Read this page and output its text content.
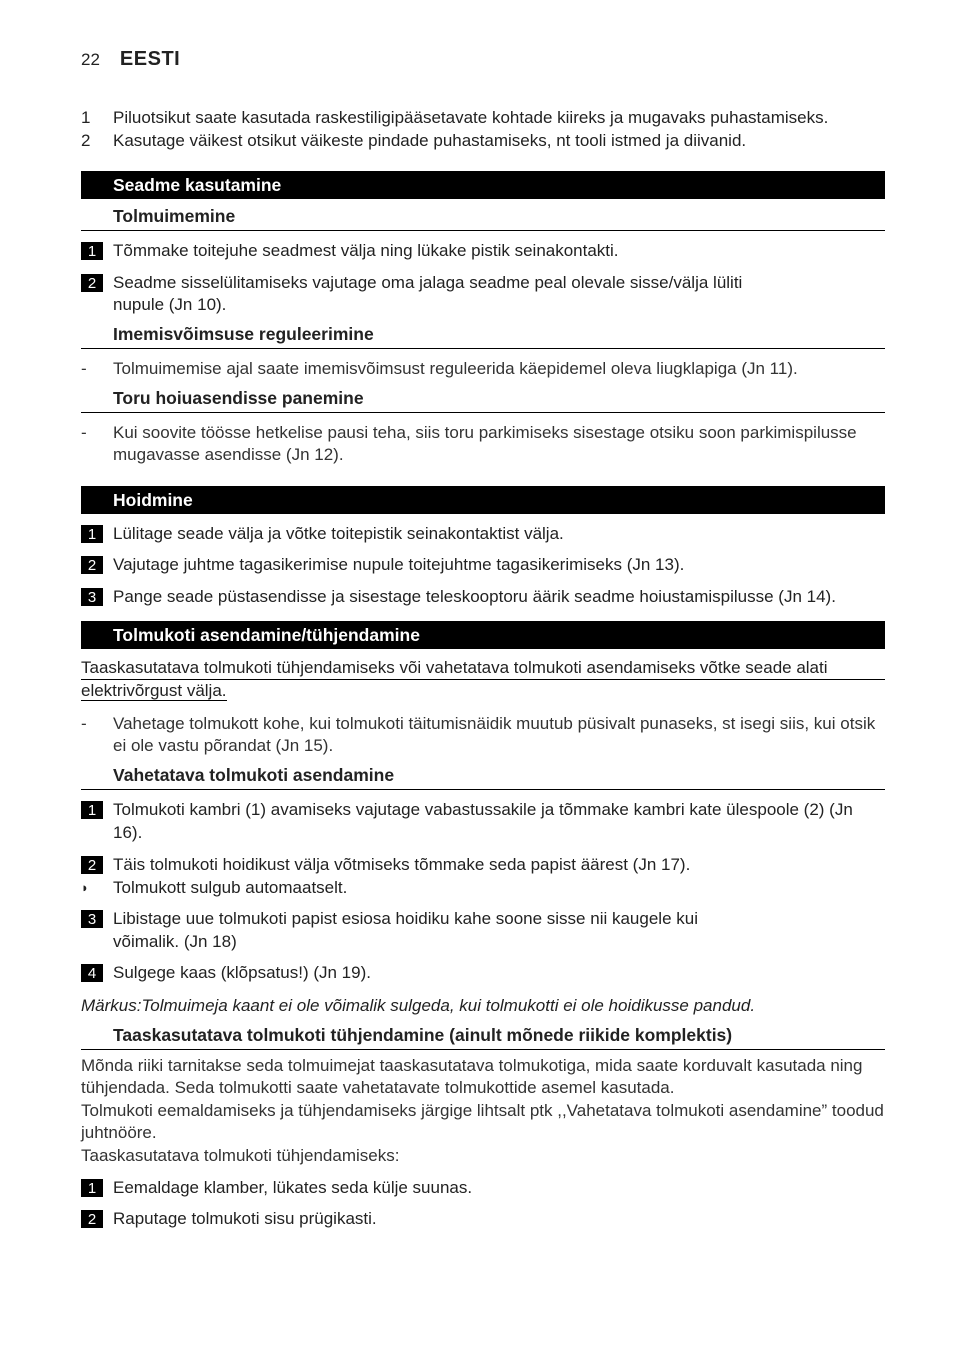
22 EESTI
1	Piluotsikut saate kasutada raskestiligipääsetavate kohtade kiireks ja mugavaks puhastamiseks.
2	Kasutage väikest otsikut väikeste pindade puhastamiseks, nt tooli istmed ja diivanid.
Seadme kasutamine
Tolmuimemine
1 Tõmmake toitejuhe seadmest välja ning lükake pistik seinakontakti.
2 Seadme sisselülitamiseks vajutage oma jalaga seadme peal olevale sisse/välja lüliti nupule (Jn 10).
Imemisvõimsuse reguleerimine
-	Tolmuimemise ajal saate imemisvõimsust reguleerida käepidemel oleva liugklapiga (Jn 11).
Toru hoiuasendisse panemine
-	Kui soovite töösse hetkelise pausi teha, siis toru parkimiseks sisestage otsiku soon parkimispilusse mugavasse asendisse (Jn 12).
Hoidmine
1 Lülitage seade välja ja võtke toitepistik seinakontaktist välja.
2 Vajutage juhtme tagasikerimise nupule toitejuhtme tagasikerimiseks (Jn 13).
3 Pange seade püstasendisse ja sisestage teleskooptoru äärik seadme hoiustamispilusse (Jn 14).
Tolmukoti asendamine/tühjendamine
Taaskasutatava tolmukoti tühjendamiseks või vahetatava tolmukoti asendamiseks võtke seade alati
elektrivõrgust välja.
-	Vahetage tolmukott kohe, kui tolmukoti täitumisnäidik muutub püsivalt punaseks, st isegi siis, kui otsik ei ole vastu põrandat (Jn 15).
Vahetatava tolmukoti asendamine
1 Tolmukoti kambri (1) avamiseks vajutage vabastussakile ja tõmmake kambri kate ülespoole (2) (Jn 16).
2 Täis tolmukoti hoidikust välja võtmiseks tõmmake seda papist äärest (Jn 17).
◗	Tolmukott sulgub automaatselt.
3 Libistage uue tolmukoti papist esiosa hoidiku kahe soone sisse nii kaugele kui võimalik. (Jn 18)
4 Sulgege kaas (klõpsatus!) (Jn 19).
Märkus:Tolmuimeja kaant ei ole võimalik sulgeda, kui tolmukotti ei ole hoidikusse pandud.
Taaskasutatava tolmukoti tühjendamine (ainult mõnede riikide komplektis)
Mõnda riiki tarnitakse seda tolmuimejat taaskasutatava tolmukotiga, mida saate korduvalt kasutada ning tühjendada. Seda tolmukotti saate vahetatavate tolmukottide asemel kasutada.
Tolmukoti eemaldamiseks ja tühjendamiseks järgige lihtsalt ptk ,,Vahetatava tolmukoti asendamine” toodud juhtnööre.
Taaskasutatava tolmukoti tühjendamiseks:
1 Eemaldage klamber, lükates seda külje suunas.
2 Raputage tolmukoti sisu prügikasti.
